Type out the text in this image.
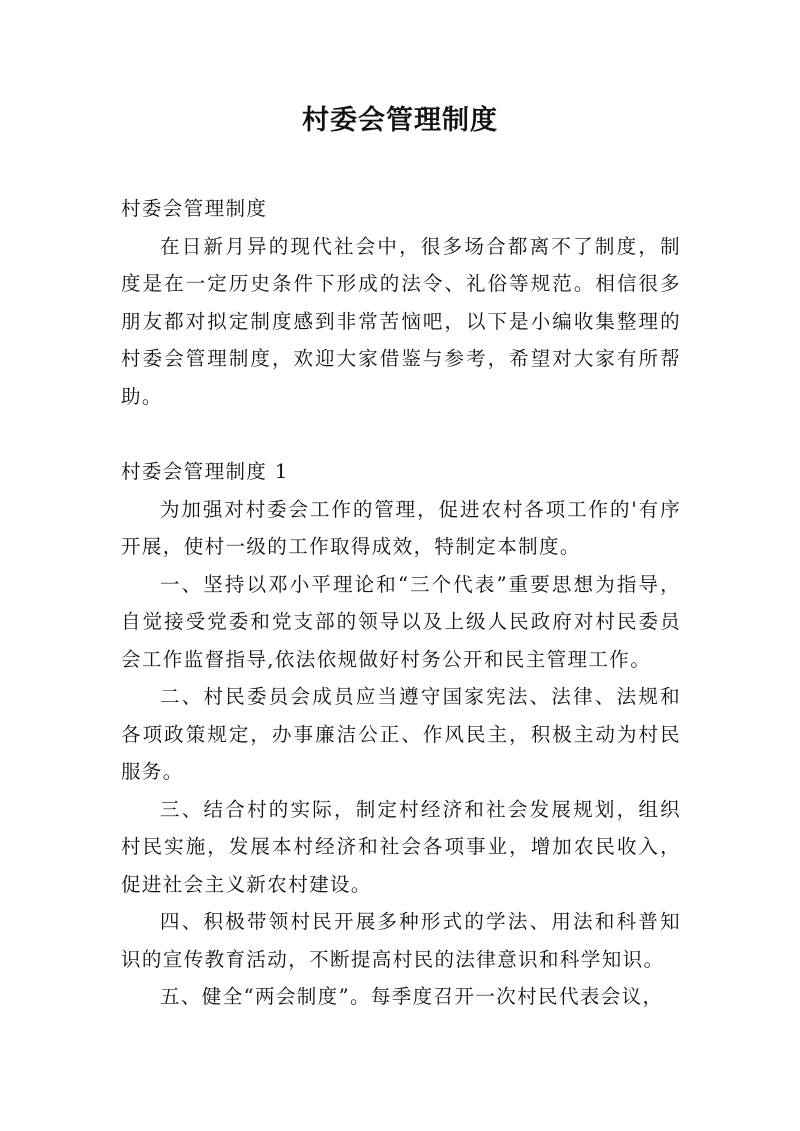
村委会管理制度

村委会管理制度

在日新月异的现代社会中，很多场合都离不了制度，制度是在一定历史条件下形成的法令、礼俗等规范。相信很多朋友都对拟定制度感到非常苦恼吧，以下是小编收集整理的村委会管理制度，欢迎大家借鉴与参考，希望对大家有所帮助。

村委会管理制度 1

为加强对村委会工作的管理，促进农村各项工作的'有序开展，使村一级的工作取得成效，特制定本制度。

一、坚持以邓小平理论和“三个代表”重要思想为指导，自觉接受党委和党支部的领导以及上级人民政府对村民委员会工作监督指导,依法依规做好村务公开和民主管理工作。

二、村民委员会成员应当遵守国家宪法、法律、法规和各项政策规定，办事廉洁公正、作风民主，积极主动为村民服务。

三、结合村的实际，制定村经济和社会发展规划，组织村民实施，发展本村经济和社会各项事业，增加农民收入，促进社会主义新农村建设。

四、积极带领村民开展多种形式的学法、用法和科普知识的宣传教育活动，不断提高村民的法律意识和科学知识。

五、健全“两会制度”。每季度召开一次村民代表会议，
